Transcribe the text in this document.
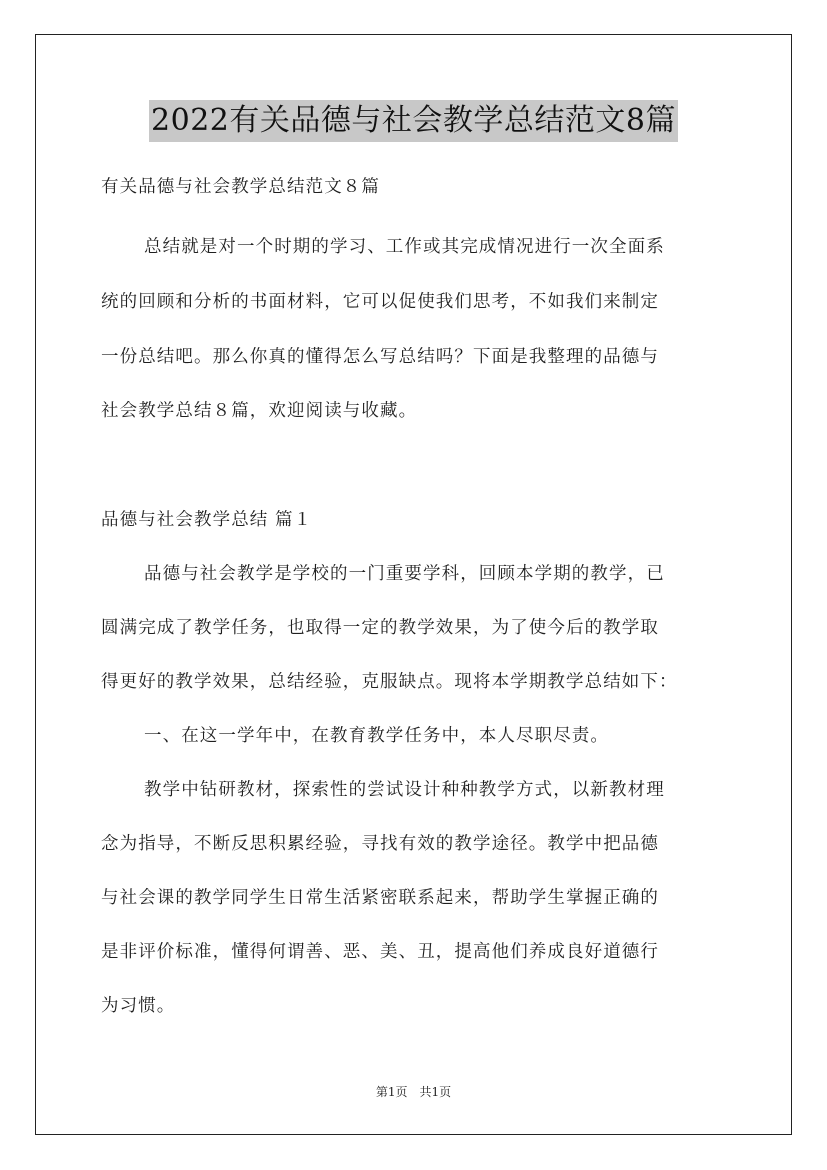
2022有关品德与社会教学总结范文8篇
有关品德与社会教学总结范文８篇
总结就是对一个时期的学习、工作或其完成情况进行一次全面系
统的回顾和分析的书面材料，它可以促使我们思考，不如我们来制定
一份总结吧。那么你真的懂得怎么写总结吗？下面是我整理的品德与
社会教学总结８篇，欢迎阅读与收藏。
品德与社会教学总结 篇１
品德与社会教学是学校的一门重要学科，回顾本学期的教学，已
圆满完成了教学任务，也取得一定的教学效果，为了使今后的教学取
得更好的教学效果，总结经验，克服缺点。现将本学期教学总结如下：
一、在这一学年中，在教育教学任务中，本人尽职尽责。
教学中钻研教材，探索性的尝试设计种种教学方式，以新教材理
念为指导，不断反思积累经验，寻找有效的教学途径。教学中把品德
与社会课的教学同学生日常生活紧密联系起来，帮助学生掌握正确的
是非评价标准，懂得何谓善、恶、美、丑，提高他们养成良好道德行
为习惯。
第1页　共1页
